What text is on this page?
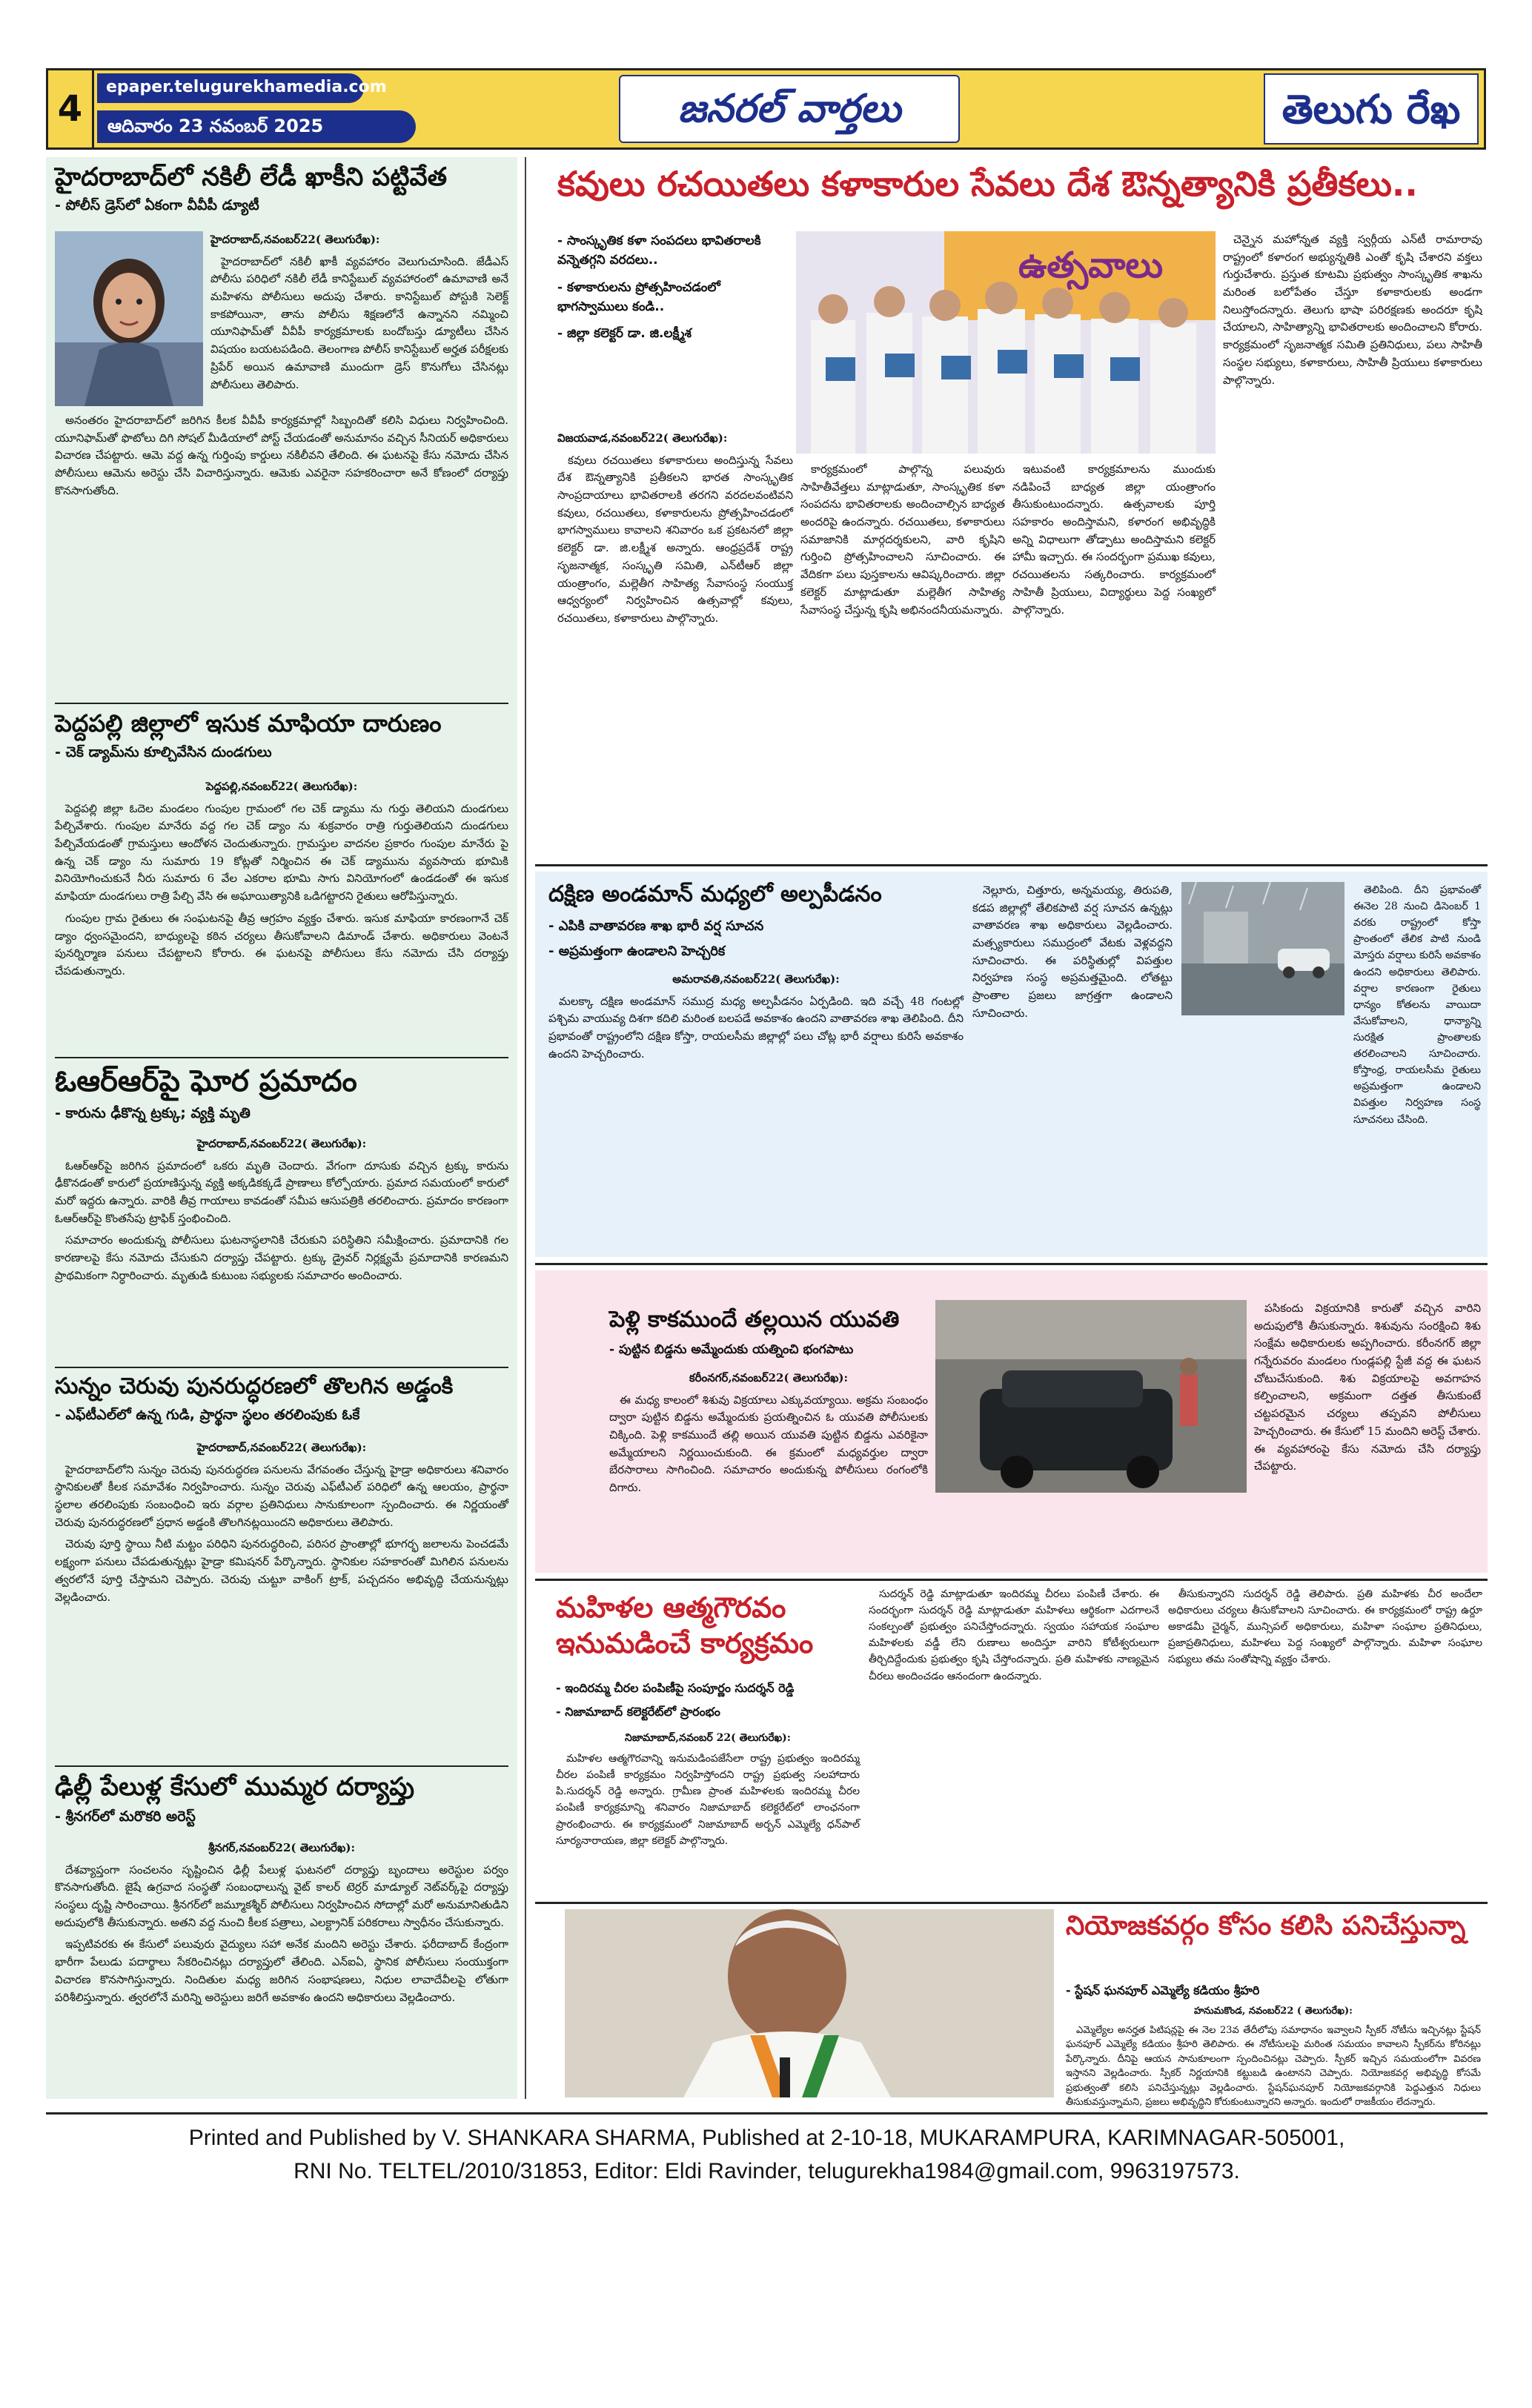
4
epaper.telugurekhamedia.com
ఆదివారం 23 నవంబర్ 2025	జనరల్ వార్తలు	తెలుగు రేఖ
హైదరాబాద్‌లో నకిలీ లేడీ ఖాకీని పట్టివేత
- పోలీస్ డ్రెస్‌లో ఏకంగా వీవీపీ డ్యూటీ

హైదరాబాద్,నవంబర్22( తెలుగురేఖ):

హైదరాబాద్‌లో నకిలీ ఖాకీ వ్యవహారం వెలుగుచూసింది. జేడీఎస్ పోలీసు పరిధిలో నకిలీ లేడీ కానిస్టేబుల్ వ్యవహారంలో ఉమావాణి అనే మహిళను పోలీసులు అదుపు చేశారు. కానిస్టేబుల్ పోస్టుకి సెలెక్ట్ కాకపోయినా, తాను పోలీసు శిక్షణలోనే ఉన్నానని నమ్మించి యూనిఫామ్‌తో వీవీపీ కార్యక్రమాలకు బందోబస్తు డ్యూటీలు చేసిన విషయం బయటపడింది. తెలంగాణ పోలీస్ కానిస్టేబుల్ అర్హత పరీక్షలకు ప్రిపేర్ అయిన ఉమావాణి ముందుగా డ్రెస్ కొనుగోలు చేసినట్లు పోలీసులు తెలిపారు.

అనంతరం హైదరాబాద్‌లో జరిగిన కీలక వీవీపీ కార్యక్రమాల్లో సిబ్బందితో కలిసి విధులు నిర్వహించింది. యూనిఫామ్‌తో ఫొటోలు దిగి సోషల్ మీడియాలో పోస్ట్ చేయడంతో అనుమానం వచ్చిన సీనియర్ అధికారులు విచారణ చేపట్టారు. ఆమె వద్ద ఉన్న గుర్తింపు కార్డులు నకిలీవని తేలింది. ఈ ఘటనపై కేసు నమోదు చేసిన పోలీసులు ఆమెను అరెస్టు చేసి విచారిస్తున్నారు. ఆమెకు ఎవరైనా సహకరించారా అనే కోణంలో దర్యాప్తు కొనసాగుతోంది.

పెద్దపల్లి జిల్లాలో ఇసుక మాఫియా దారుణం
- చెక్ డ్యామ్‌ను కూల్చివేసిన దుండగులు

పెద్దపల్లి,నవంబర్22( తెలుగురేఖ):

పెద్దపల్లి జిల్లా ఓదెల మండలం గుంపుల గ్రామంలో గల చెక్ డ్యాము ను గుర్తు తెలియని దుండగులు పేల్చివేశారు. గుంపుల మానేరు వద్ద గల చెక్ డ్యాం ను శుక్రవారం రాత్రి గుర్తుతెలియని దుండగులు పేల్చివేయడంతో గ్రామస్తులు ఆందోళన చెందుతున్నారు. గ్రామస్తుల వాదనల ప్రకారం గుంపుల మానేరు పై ఉన్న చెక్ డ్యాం ను సుమారు 19 కోట్లతో నిర్మించిన ఈ చెక్ డ్యామును వ్యవసాయ భూమికి వినియోగించుకునే నీరు సుమారు 6 వేల ఎకరాల భూమి సాగు వినియోగంలో ఉండడంతో ఈ ఇసుక మాఫియా దుండగులు రాత్రి పేల్చి వేసి ఈ అఘాయిత్యానికి ఒడిగట్టారని రైతులు ఆరోపిస్తున్నారు.

గుంపుల గ్రామ రైతులు ఈ సంఘటనపై తీవ్ర ఆగ్రహం వ్యక్తం చేశారు. ఇసుక మాఫియా కారణంగానే చెక్ డ్యాం ధ్వంసమైందని, బాధ్యులపై కఠిన చర్యలు తీసుకోవాలని డిమాండ్ చేశారు. అధికారులు వెంటనే పునర్నిర్మాణ పనులు చేపట్టాలని కోరారు. ఈ ఘటనపై పోలీసులు కేసు నమోదు చేసి దర్యాప్తు చేపడుతున్నారు.

ఓఆర్ఆర్‌పై ఘోర ప్రమాదం
- కారును ఢీకొన్న ట్రక్కు; వ్యక్తి మృతి

హైదరాబాద్,నవంబర్22( తెలుగురేఖ):

ఓఆర్ఆర్‌పై జరిగిన ప్రమాదంలో ఒకరు మృతి చెందారు. వేగంగా దూసుకు వచ్చిన ట్రక్కు కారును ఢీకొనడంతో కారులో ప్రయాణిస్తున్న వ్యక్తి అక్కడికక్కడే ప్రాణాలు కోల్పోయారు. ప్రమాద సమయంలో కారులో మరో ఇద్దరు ఉన్నారు. వారికి తీవ్ర గాయాలు కావడంతో సమీప ఆసుపత్రికి తరలించారు. ప్రమాదం కారణంగా ఓఆర్ఆర్‌పై కొంతసేపు ట్రాఫిక్ స్తంభించింది.

సమాచారం అందుకున్న పోలీసులు ఘటనాస్థలానికి చేరుకుని పరిస్థితిని సమీక్షించారు. ప్రమాదానికి గల కారణాలపై కేసు నమోదు చేసుకుని దర్యాప్తు చేపట్టారు. ట్రక్కు డ్రైవర్ నిర్లక్ష్యమే ప్రమాదానికి కారణమని ప్రాథమికంగా నిర్ధారించారు. మృతుడి కుటుంబ సభ్యులకు సమాచారం అందించారు.

సున్నం చెరువు పునరుద్ధరణలో తొలగిన అడ్డంకి
- ఎఫ్‌టీఎల్‌లో ఉన్న గుడి, ప్రార్థనా స్థలం తరలింపుకు ఓకే

హైదరాబాద్,నవంబర్22( తెలుగురేఖ):

హైదరాబాద్‌లోని సున్నం చెరువు పునరుద్ధరణ పనులను వేగవంతం చేస్తున్న హైడ్రా అధికారులు శనివారం స్థానికులతో కీలక సమావేశం నిర్వహించారు. సున్నం చెరువు ఎఫ్‌టీఎల్ పరిధిలో ఉన్న ఆలయం, ప్రార్థనా స్థలాల తరలింపుకు సంబంధించి ఇరు వర్గాల ప్రతినిధులు సానుకూలంగా స్పందించారు. ఈ నిర్ణయంతో చెరువు పునరుద్ధరణలో ప్రధాన అడ్డంకి తొలగినట్లయిందని అధికారులు తెలిపారు.

చెరువు పూర్తి స్థాయి నీటి మట్టం పరిధిని పునరుద్ధరించి, పరిసర ప్రాంతాల్లో భూగర్భ జలాలను పెంచడమే లక్ష్యంగా పనులు చేపడుతున్నట్లు హైడ్రా కమిషనర్ పేర్కొన్నారు. స్థానికుల సహకారంతో మిగిలిన పనులను త్వరలోనే పూర్తి చేస్తామని చెప్పారు. చెరువు చుట్టూ వాకింగ్ ట్రాక్, పచ్చదనం అభివృద్ధి చేయనున్నట్లు వెల్లడించారు.

ఢిల్లీ పేలుళ్ల కేసులో ముమ్మర దర్యాప్తు
- శ్రీనగర్‌లో మరొకరి అరెస్ట్

శ్రీనగర్,నవంబర్22( తెలుగురేఖ):

దేశవ్యాప్తంగా సంచలనం సృష్టించిన ఢిల్లీ పేలుళ్ల ఘటనలో దర్యాప్తు బృందాలు అరెస్టుల పర్వం కొనసాగుతోంది. జైషే ఉగ్రవాద సంస్థతో సంబంధాలున్న వైట్ కాలర్ టెర్రర్ మాడ్యూల్ నెట్‌వర్క్‌పై దర్యాప్తు సంస్థలు దృష్టి సారించాయి. శ్రీనగర్‌లో జమ్మూకశ్మీర్ పోలీసులు నిర్వహించిన సోదాల్లో మరో అనుమానితుడిని అదుపులోకి తీసుకున్నారు. అతని వద్ద నుంచి కీలక పత్రాలు, ఎలక్ట్రానిక్ పరికరాలు స్వాధీనం చేసుకున్నారు.

ఇప్పటివరకు ఈ కేసులో పలువురు వైద్యులు సహా అనేక మందిని అరెస్టు చేశారు. ఫరీదాబాద్ కేంద్రంగా భారీగా పేలుడు పదార్థాలు సేకరించినట్లు దర్యాప్తులో తేలింది. ఎన్ఐఏ, స్థానిక పోలీసులు సంయుక్తంగా విచారణ కొనసాగిస్తున్నారు. నిందితుల మధ్య జరిగిన సంభాషణలు, నిధుల లావాదేవీలపై లోతుగా పరిశీలిస్తున్నారు. త్వరలోనే మరిన్ని అరెస్టులు జరిగే అవకాశం ఉందని అధికారులు వెల్లడించారు.

కవులు రచయితలు కళాకారుల సేవలు దేశ ఔన్నత్యానికి ప్రతీకలు..
- సాంస్కృతిక కళా సంపదలు భావితరాలకి వన్నెతగ్గని వరదలు..
- కళాకారులను ప్రోత్సహించడంలో భాగస్వాములు కండి..
- జిల్లా కలెక్టర్ డా. జి.లక్ష్మీశ
ఉత్సవాలు

విజయవాడ,నవంబర్22( తెలుగురేఖ):

కవులు రచయితలు కళాకారులు అందిస్తున్న సేవలు దేశ ఔన్నత్యానికి ప్రతీకలని భారత సాంస్కృతిక సాంప్రదాయాలు భావితరాలకి తరగని వరదలవంటివని కవులు, రచయితలు, కళాకారులను ప్రోత్సహించడంలో భాగస్వాములు కావాలని శనివారం ఒక ప్రకటనలో జిల్లా కలెక్టర్ డా. జి.లక్ష్మీశ అన్నారు. ఆంధ్రప్రదేశ్ రాష్ట్ర సృజనాత్మక, సంస్కృతి సమితి, ఎన్‌టీఆర్ జిల్లా యంత్రాంగం, మల్లెతీగ సాహిత్య సేవాసంస్థ సంయుక్త ఆధ్వర్యంలో నిర్వహించిన ఉత్సవాల్లో కవులు, రచయితలు, కళాకారులు పాల్గొన్నారు.

కార్యక్రమంలో పాల్గొన్న పలువురు సాహితీవేత్తలు మాట్లాడుతూ, సాంస్కృతిక కళా సంపదను భావితరాలకు అందించాల్సిన బాధ్యత అందరిపై ఉందన్నారు. రచయితలు, కళాకారులు సమాజానికి మార్గదర్శకులని, వారి కృషిని గుర్తించి ప్రోత్సహించాలని సూచించారు. ఈ వేదికగా పలు పుస్తకాలను ఆవిష్కరించారు. జిల్లా కలెక్టర్ మాట్లాడుతూ మల్లెతీగ సాహిత్య సేవాసంస్థ చేస్తున్న కృషి అభినందనీయమన్నారు.

ఇటువంటి కార్యక్రమాలను ముందుకు నడిపించే బాధ్యత జిల్లా యంత్రాంగం తీసుకుంటుందన్నారు. ఉత్సవాలకు పూర్తి సహకారం అందిస్తామని, కళారంగ అభివృద్ధికి అన్ని విధాలుగా తోడ్పాటు అందిస్తామని కలెక్టర్ హామీ ఇచ్చారు. ఈ సందర్భంగా ప్రముఖ కవులు, రచయితలను సత్కరించారు. కార్యక్రమంలో సాహితీ ప్రియులు, విద్యార్థులు పెద్ద సంఖ్యలో పాల్గొన్నారు.

చెన్నైన మహోన్నత వ్యక్తి స్వర్గీయ ఎన్‌టీ రామారావు రాష్ట్రంలో కళారంగ అభ్యున్నతికి ఎంతో కృషి చేశారని వక్తలు గుర్తుచేశారు. ప్రస్తుత కూటమి ప్రభుత్వం సాంస్కృతిక శాఖను మరింత బలోపేతం చేస్తూ కళాకారులకు అండగా నిలుస్తోందన్నారు. తెలుగు భాషా పరిరక్షణకు అందరూ కృషి చేయాలని, సాహిత్యాన్ని భావితరాలకు అందించాలని కోరారు. కార్యక్రమంలో సృజనాత్మక సమితి ప్రతినిధులు, పలు సాహితీ సంస్థల సభ్యులు, కళాకారులు, సాహితీ ప్రియులు కళాకారులు పాల్గొన్నారు.

దక్షిణ అండమాన్ మధ్యలో అల్పపీడనం
- ఎపికి వాతావరణ శాఖ భారీ వర్ష సూచన
- అప్రమత్తంగా ఉండాలని హెచ్చరిక

అమరావతి,నవంబర్22( తెలుగురేఖ):

మలక్కా దక్షిణ అండమాన్ సముద్ర మధ్య అల్పపీడనం ఏర్పడింది. ఇది వచ్చే 48 గంటల్లో పశ్చిమ వాయువ్య దిశగా కదిలి మరింత బలపడే అవకాశం ఉందని వాతావరణ శాఖ తెలిపింది. దీని ప్రభావంతో రాష్ట్రంలోని దక్షిణ కోస్తా, రాయలసీమ జిల్లాల్లో పలు చోట్ల భారీ వర్షాలు కురిసే అవకాశం ఉందని హెచ్చరించారు.

నెల్లూరు, చిత్తూరు, అన్నమయ్య, తిరుపతి, కడప జిల్లాల్లో తేలికపాటి వర్ష సూచన ఉన్నట్లు వాతావరణ శాఖ అధికారులు వెల్లడించారు. మత్స్యకారులు సముద్రంలో వేటకు వెళ్లవద్దని సూచించారు. ఈ పరిస్థితుల్లో విపత్తుల నిర్వహణ సంస్థ అప్రమత్తమైంది. లోతట్టు ప్రాంతాల ప్రజలు జాగ్రత్తగా ఉండాలని సూచించారు.

తెలిపింది. దీని ప్రభావంతో ఈనెల 28 నుంచి డిసెంబర్ 1 వరకు రాష్ట్రంలో కోస్తా ప్రాంతంలో తేలిక పాటి నుండి మోస్తరు వర్షాలు కురిసే అవకాశం ఉందని అధికారులు తెలిపారు. వర్షాల కారణంగా రైతులు ధాన్యం కోతలను వాయిదా వేసుకోవాలని, ధాన్యాన్ని సురక్షిత ప్రాంతాలకు తరలించాలని సూచించారు. కోస్తాంధ్ర, రాయలసీమ రైతులు అప్రమత్తంగా ఉండాలని విపత్తుల నిర్వహణ సంస్థ సూచనలు చేసింది.

పెళ్లి కాకముందే తల్లయిన యువతి
- పుట్టిన బిడ్డను అమ్మేందుకు యత్నించి భంగపాటు

కరీంనగర్,నవంబర్22( తెలుగురేఖ):

ఈ మధ్య కాలంలో శిశువు విక్రయాలు ఎక్కువయ్యాయి. అక్రమ సంబంధం ద్వారా పుట్టిన బిడ్డను అమ్మేందుకు ప్రయత్నించిన ఓ యువతి పోలీసులకు చిక్కింది. పెళ్లి కాకముందే తల్లి అయిన యువతి పుట్టిన బిడ్డను ఎవరికైనా అమ్మేయాలని నిర్ణయించుకుంది. ఈ క్రమంలో మధ్యవర్తుల ద్వారా బేరసారాలు సాగించింది. సమాచారం అందుకున్న పోలీసులు రంగంలోకి దిగారు.

పసికందు విక్రయానికి కారుతో వచ్చిన వారిని అదుపులోకి తీసుకున్నారు. శిశువును సంరక్షించి శిశు సంక్షేమ అధికారులకు అప్పగించారు. కరీంనగర్ జిల్లా గన్నేరువరం మండలం గుండ్లపల్లి స్టేజీ వద్ద ఈ ఘటన చోటుచేసుకుంది. శిశు విక్రయాలపై అవగాహన కల్పించాలని, అక్రమంగా దత్తత తీసుకుంటే చట్టపరమైన చర్యలు తప్పవని పోలీసులు హెచ్చరించారు. ఈ కేసులో 15 మందిని అరెస్ట్ చేశారు. ఈ వ్యవహారంపై కేసు నమోదు చేసి దర్యాప్తు చేపట్టారు.

మహిళల ఆత్మగౌరవం ఇనుమడించే కార్యక్రమం
- ఇందిరమ్మ చీరల పంపిణీపై సంపూర్ణం సుదర్శన్ రెడ్డి
- నిజామాబాద్ కలెక్టరేట్‌లో ప్రారంభం

నిజామాబాద్,నవంబర్ 22( తెలుగురేఖ):

మహిళల ఆత్మగౌరవాన్ని ఇనుమడింపజేసేలా రాష్ట్ర ప్రభుత్వం ఇందిరమ్మ చీరల పంపిణీ కార్యక్రమం నిర్వహిస్తోందని రాష్ట్ర ప్రభుత్వ సలహాదారు పి.సుదర్శన్ రెడ్డి అన్నారు. గ్రామీణ ప్రాంత మహిళలకు ఇందిరమ్మ చీరల పంపిణీ కార్యక్రమాన్ని శనివారం నిజామాబాద్ కలెక్టరేట్‌లో లాంఛనంగా ప్రారంభించారు. ఈ కార్యక్రమంలో నిజామాబాద్ అర్బన్ ఎమ్మెల్యే ధన్‌పాల్ సూర్యనారాయణ, జిల్లా కలెక్టర్ పాల్గొన్నారు.

సుదర్శన్ రెడ్డి మాట్లాడుతూ ఇందిరమ్మ చీరలు పంపిణీ చేశారు. ఈ సందర్భంగా సుదర్శన్ రెడ్డి మాట్లాడుతూ మహిళలు ఆర్థికంగా ఎదగాలనే సంకల్పంతో ప్రభుత్వం పనిచేస్తోందన్నారు. స్వయం సహాయక సంఘాల మహిళలకు వడ్డీ లేని రుణాలు అందిస్తూ వారిని కోటీశ్వరులుగా తీర్చిదిద్దేందుకు ప్రభుత్వం కృషి చేస్తోందన్నారు. ప్రతి మహిళకు నాణ్యమైన చీరలు అందించడం ఆనందంగా ఉందన్నారు.

తీసుకున్నారని సుదర్శన్ రెడ్డి తెలిపారు. ప్రతి మహిళకు చీర అందేలా అధికారులు చర్యలు తీసుకోవాలని సూచించారు. ఈ కార్యక్రమంలో రాష్ట్ర ఉర్దూ అకాడమీ చైర్మన్, మున్సిపల్ అధికారులు, మహిళా సంఘాల ప్రతినిధులు, ప్రజాప్రతినిధులు, మహిళలు పెద్ద సంఖ్యలో పాల్గొన్నారు. మహిళా సంఘాల సభ్యులు తమ సంతోషాన్ని వ్యక్తం చేశారు.

నియోజకవర్గం కోసం కలిసి పనిచేస్తున్నా
- స్టేషన్ ఘనపూర్ ఎమ్మెల్యే కడియం శ్రీహరి

హనుమకొండ, నవంబర్22 ( తెలుగురేఖ):

ఎమ్మెల్యేల అనర్హత పిటిషన్లపై ఈ నెల 23వ తేదీలోపు సమాధానం ఇవ్వాలని స్పీకర్ నోటీసు ఇచ్చినట్లు స్టేషన్ ఘనపూర్ ఎమ్మెల్యే కడియం శ్రీహరి తెలిపారు. ఈ నోటీసులపై మరింత సమయం కావాలని స్పీకర్‌ను కోరినట్లు పేర్కొన్నారు. దీనిపై ఆయన సానుకూలంగా స్పందించినట్లు చెప్పారు. స్పీకర్ ఇచ్చిన సమయంలోగా వివరణ ఇస్తానని వెల్లడించారు. స్పీకర్ నిర్ణయానికి కట్టుబడి ఉంటానని చెప్పారు. నియోజకవర్గ అభివృద్ధి కోసమే ప్రభుత్వంతో కలిసి పనిచేస్తున్నట్లు వెల్లడించారు. స్టేషన్‌ఘనపూర్ నియోజకవర్గానికి పెద్దఎత్తున నిధులు తీసుకువస్తున్నామని, ప్రజలు అభివృద్ధిని కోరుకుంటున్నారని అన్నారు. ఇందులో రాజకీయం లేదన్నారు.

Printed and Published by V. SHANKARA SHARMA, Published at 2-10-18, MUKARAMPURA, KARIMNAGAR-505001,
RNI No. TELTEL/2010/31853, Editor: Eldi Ravinder, telugurekha1984@gmail.com, 9963197573.
